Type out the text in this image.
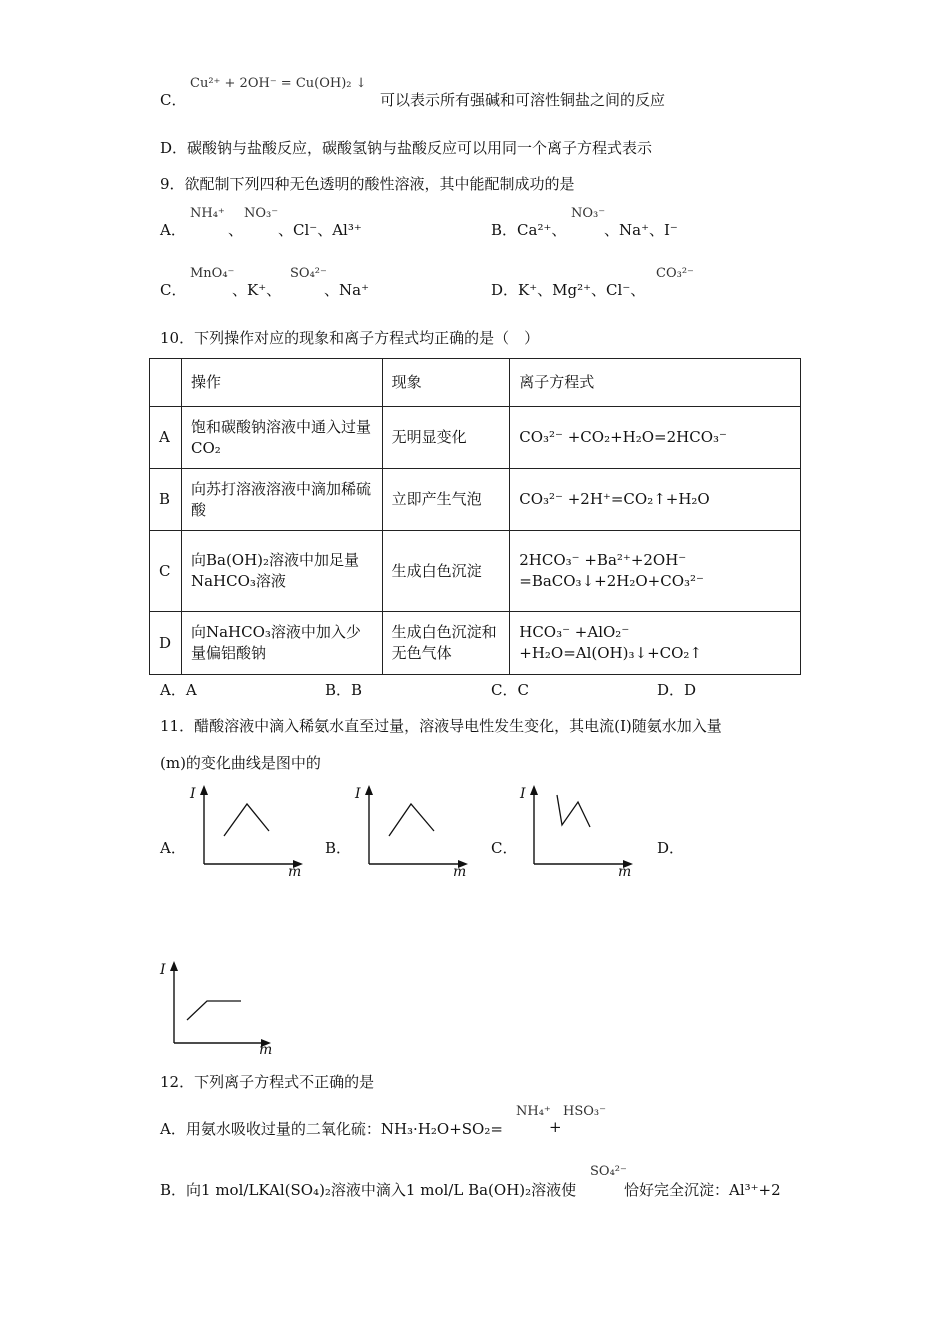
C．
Cu²⁺ + 2OH⁻ = Cu(OH)₂ ↓
可以表示所有强碱和可溶性铜盐之间的反应
D．碳酸钠与盐酸反应，碳酸氢钠与盐酸反应可以用同一个离子方程式表示
9．欲配制下列四种无色透明的酸性溶液，其中能配制成功的是
A．
NH₄⁺
、
NO₃⁻
、Cl⁻、Al³⁺	B．Ca²⁺、
NO₃⁻
、Na⁺、I⁻
C．
MnO₄⁻
、K⁺、
SO₄²⁻
、Na⁺	D．K⁺、Mg²⁺、Cl⁻、
CO₃²⁻
10．下列操作对应的现象和离子方程式均正确的是（　）
	操作	现象	离子方程式
A	饱和碳酸钠溶液中通入过量CO₂	无明显变化	CO₃²⁻ +CO₂+H₂O=2HCO₃⁻
B	向苏打溶液溶液中滴加稀硫酸	立即产生气泡	CO₃²⁻ +2H⁺=CO₂↑+H₂O
C	向Ba(OH)₂溶液中加足量NaHCO₃溶液	生成白色沉淀	2HCO₃⁻ +Ba²⁺+2OH⁻ =BaCO₃↓+2H₂O+CO₃²⁻
D	向NaHCO₃溶液中加入少量偏铝酸钠	生成白色沉淀和无色气体	HCO₃⁻ +AlO₂⁻ +H₂O=Al(OH)₃↓+CO₂↑
A．A	B．B	C．C	D．D
11．醋酸溶液中滴入稀氨水直至过量，溶液导电性发生变化，其电流(I)随氨水加入量
(m)的变化曲线是图中的
A．	B．	C．	D．
I
m
I
m
I
m
I
m
12．下列离子方程式不正确的是
A．用氨水吸收过量的二氧化硫：NH₃·H₂O+SO₂=
NH₄⁺
+
HSO₃⁻
B．向1 mol/LKAl(SO₄)₂溶液中滴入1 mol/L Ba(OH)₂溶液使
SO₄²⁻
恰好完全沉淀：Al³⁺+2
